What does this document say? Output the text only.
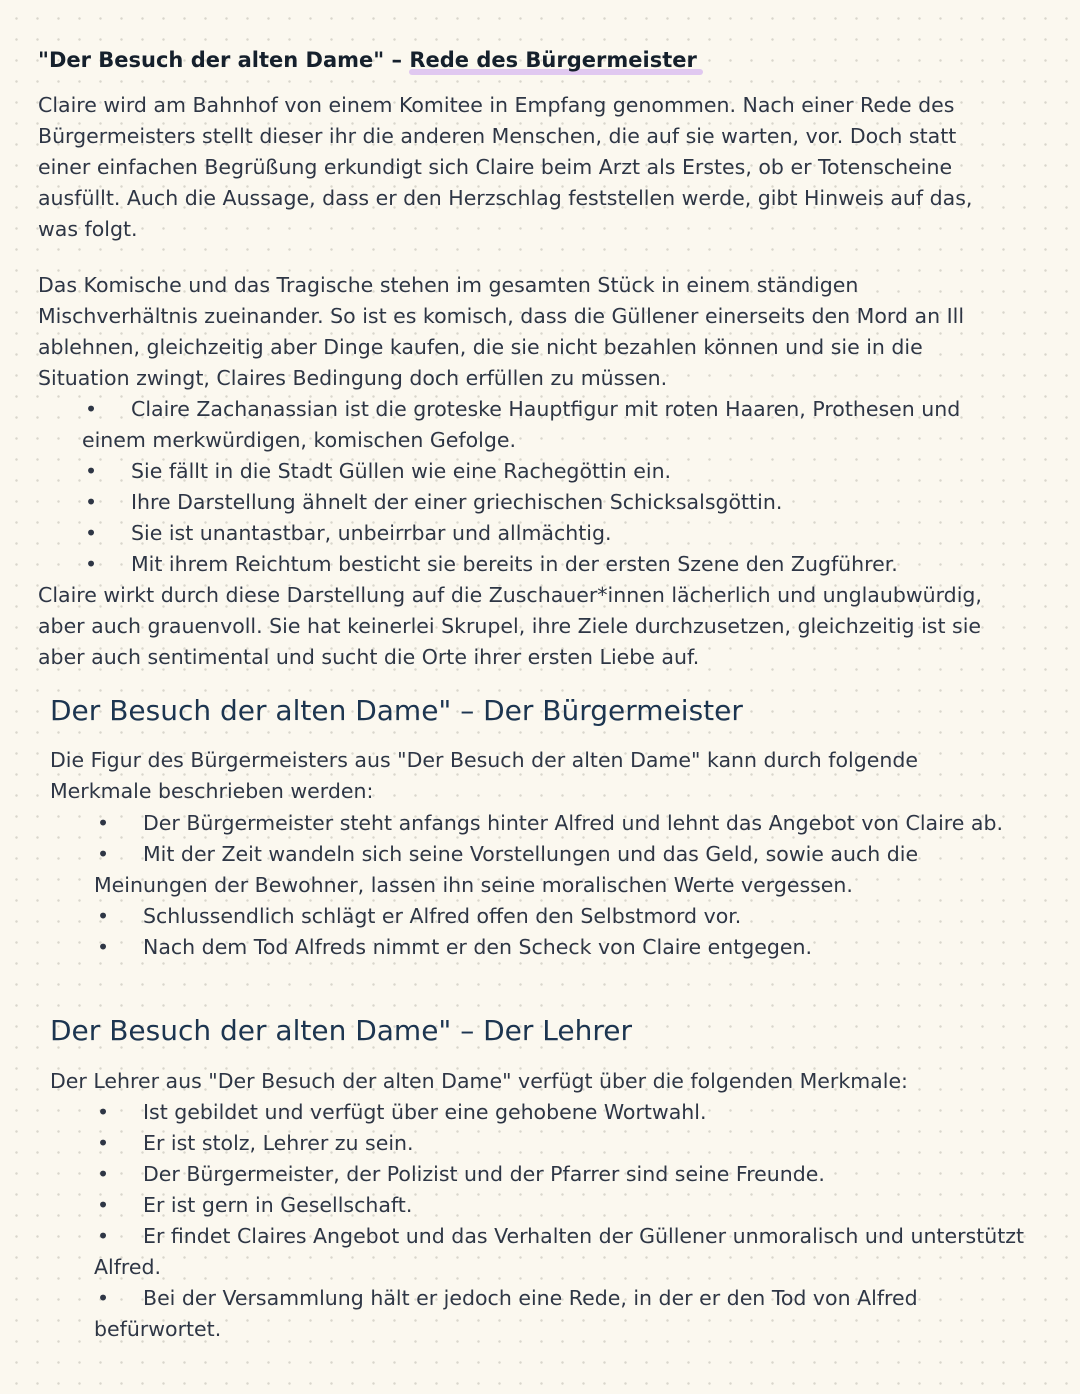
"Der Besuch der alten Dame" – Rede des Bürgermeister
Claire wird am Bahnhof von einem Komitee in Empfang genommen. Nach einer Rede des
Bürgermeisters stellt dieser ihr die anderen Menschen, die auf sie warten, vor. Doch statt
einer einfachen Begrüßung erkundigt sich Claire beim Arzt als Erstes, ob er Totenscheine
ausfüllt. Auch die Aussage, dass er den Herzschlag feststellen werde, gibt Hinweis auf das,
was folgt.
Das Komische und das Tragische stehen im gesamten Stück in einem ständigen
Mischverhältnis zueinander. So ist es komisch, dass die Güllener einerseits den Mord an Ill
ablehnen, gleichzeitig aber Dinge kaufen, die sie nicht bezahlen können und sie in die
Situation zwingt, Claires Bedingung doch erfüllen zu müssen.
• Claire Zachanassian ist die groteske Hauptfigur mit roten Haaren, Prothesen und
einem merkwürdigen, komischen Gefolge.
• Sie fällt in die Stadt Güllen wie eine Rachegöttin ein.
• Ihre Darstellung ähnelt der einer griechischen Schicksalsgöttin.
• Sie ist unantastbar, unbeirrbar und allmächtig.
• Mit ihrem Reichtum besticht sie bereits in der ersten Szene den Zugführer.
Claire wirkt durch diese Darstellung auf die Zuschauer*innen lächerlich und unglaubwürdig,
aber auch grauenvoll. Sie hat keinerlei Skrupel, ihre Ziele durchzusetzen, gleichzeitig ist sie
aber auch sentimental und sucht die Orte ihrer ersten Liebe auf.
Der Besuch der alten Dame" – Der Bürgermeister
Die Figur des Bürgermeisters aus "Der Besuch der alten Dame" kann durch folgende
Merkmale beschrieben werden:
• Der Bürgermeister steht anfangs hinter Alfred und lehnt das Angebot von Claire ab.
• Mit der Zeit wandeln sich seine Vorstellungen und das Geld, sowie auch die
Meinungen der Bewohner, lassen ihn seine moralischen Werte vergessen.
• Schlussendlich schlägt er Alfred offen den Selbstmord vor.
• Nach dem Tod Alfreds nimmt er den Scheck von Claire entgegen.
Der Besuch der alten Dame" – Der Lehrer
Der Lehrer aus "Der Besuch der alten Dame" verfügt über die folgenden Merkmale:
• Ist gebildet und verfügt über eine gehobene Wortwahl.
• Er ist stolz, Lehrer zu sein.
• Der Bürgermeister, der Polizist und der Pfarrer sind seine Freunde.
• Er ist gern in Gesellschaft.
• Er findet Claires Angebot und das Verhalten der Güllener unmoralisch und unterstützt
Alfred.
• Bei der Versammlung hält er jedoch eine Rede, in der er den Tod von Alfred
befürwortet.
